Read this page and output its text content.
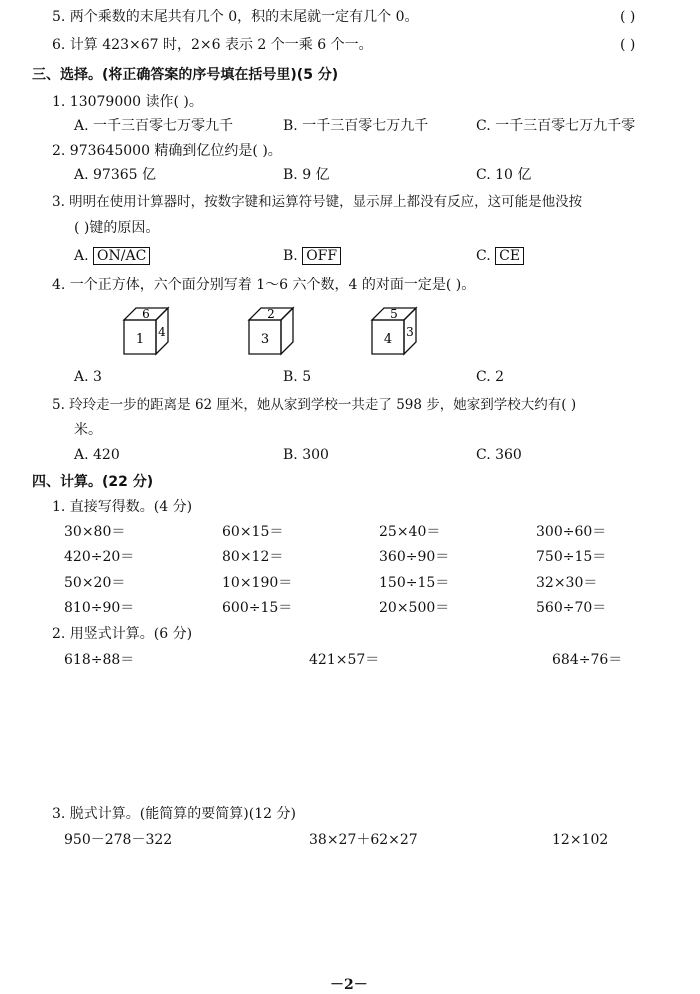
5. 两个乘数的末尾共有几个 0，积的末尾就一定有几个 0。	( )
6. 计算 423×67 时，2×6 表示 2 个一乘 6 个一。	( )
三、选择。(将正确答案的序号填在括号里)(5 分)
1. 13079000 读作( )。
A. 一千三百零七万零九千	B. 一千三百零七万九千	C. 一千三百零七万九千零
2. 973645000 精确到亿位约是( )。
A. 97365 亿	B. 9 亿	C. 10 亿
3. 明明在使用计算器时，按数字键和运算符号键，显示屏上都没有反应，这可能是他没按
( )键的原因。
A. ON/AC	B. OFF	C. CE
4. 一个正方体，六个面分别写着 1～6 六个数，4 的对面一定是( )。
6
1 4
2
3
5
4 3
A. 3	B. 5	C. 2
5. 玲玲走一步的距离是 62 厘米，她从家到学校一共走了 598 步，她家到学校大约有( )
米。
A. 420	B. 300	C. 360
四、计算。(22 分)
1. 直接写得数。(4 分)
30×80＝	60×15＝	25×40＝	300÷60＝
420÷20＝	80×12＝	360÷90＝	750÷15＝
50×20＝	10×190＝	150÷15＝	32×30＝
810÷90＝	600÷15＝	20×500＝	560÷70＝
2. 用竖式计算。(6 分)
618÷88＝	421×57＝	684÷76＝
3. 脱式计算。(能简算的要简算)(12 分)
950－278－322	38×27＋62×27	12×102
－2－
